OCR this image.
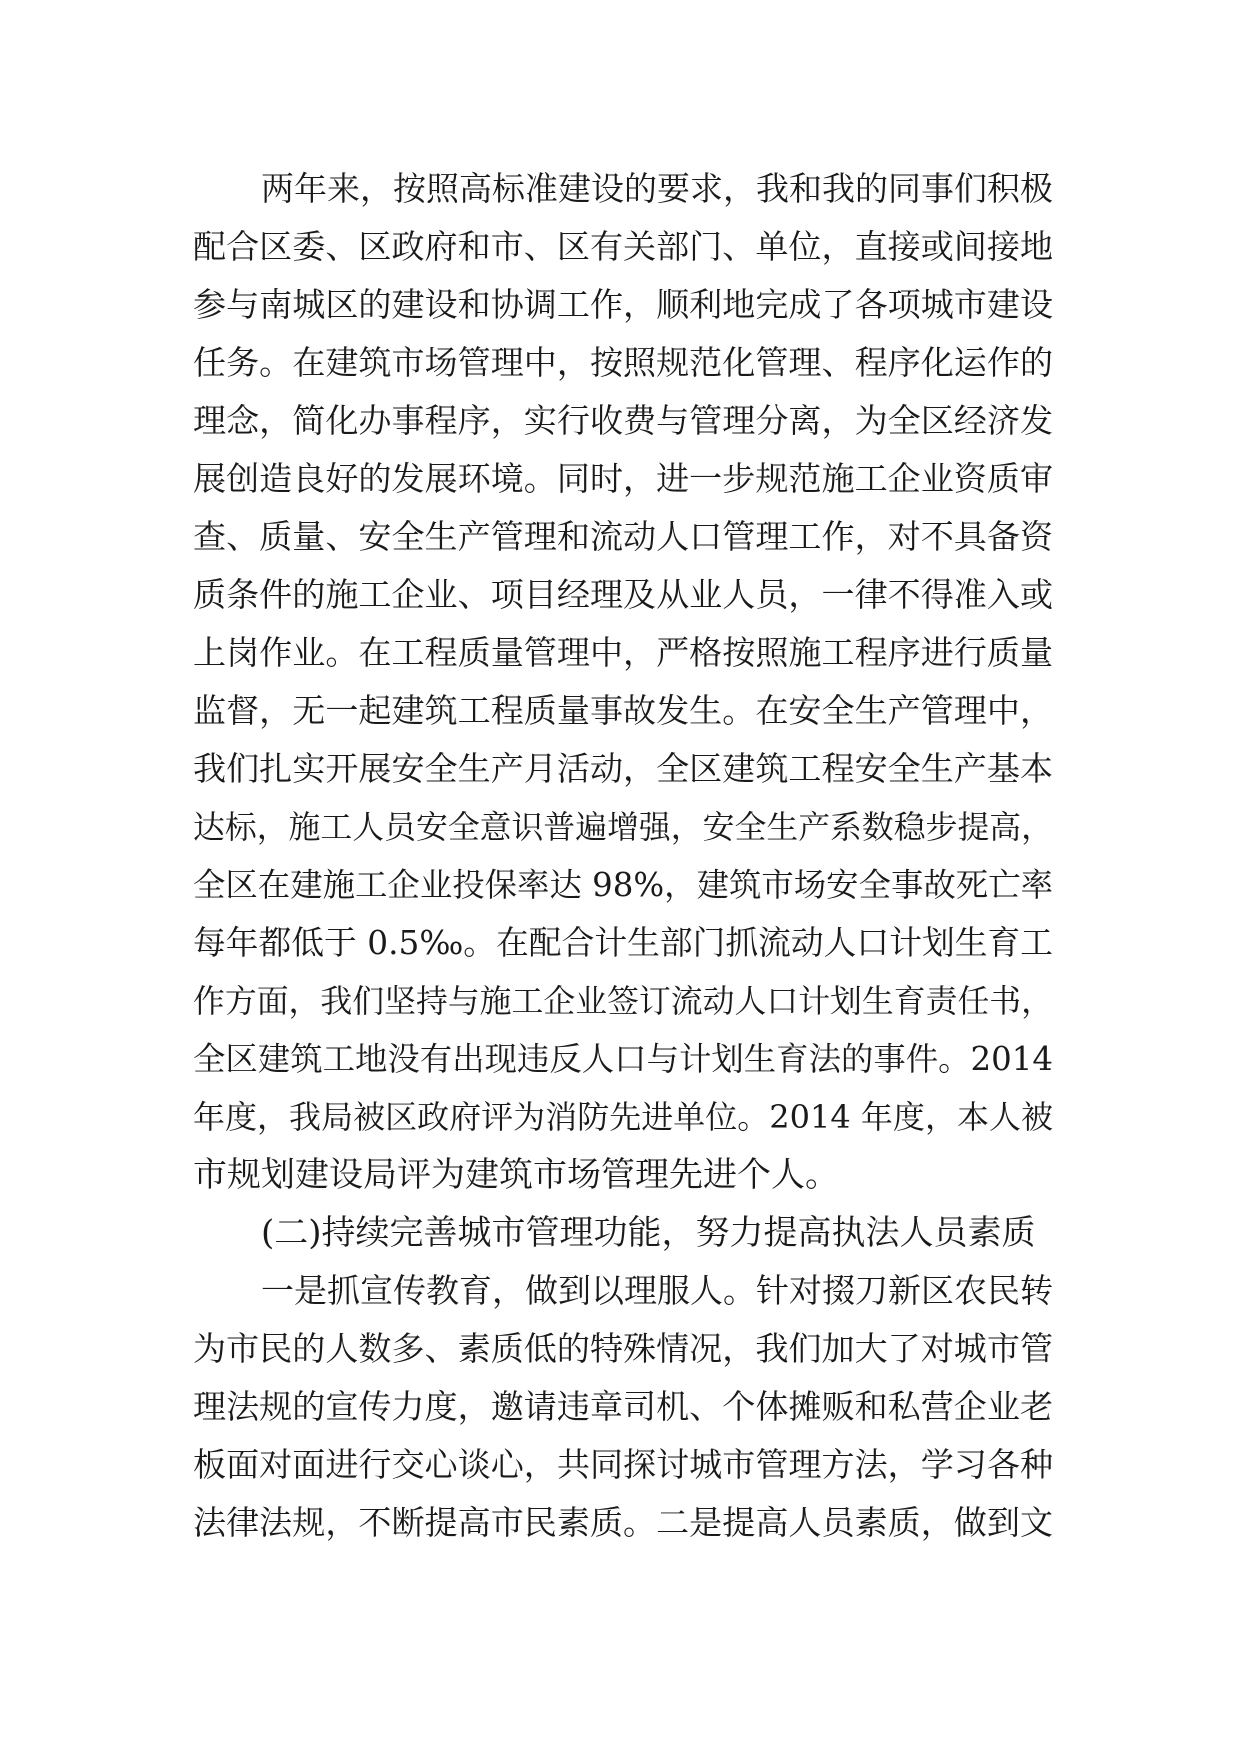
两年来，按照高标准建设的要求，我和我的同事们积极
配合区委、区政府和市、区有关部门、单位，直接或间接地
参与南城区的建设和协调工作，顺利地完成了各项城市建设
任务。在建筑市场管理中，按照规范化管理、程序化运作的
理念，简化办事程序，实行收费与管理分离，为全区经济发
展创造良好的发展环境。同时，进一步规范施工企业资质审
查、质量、安全生产管理和流动人口管理工作，对不具备资
质条件的施工企业、项目经理及从业人员，一律不得准入或
上岗作业。在工程质量管理中，严格按照施工程序进行质量
监督，无一起建筑工程质量事故发生。在安全生产管理中，
我们扎实开展安全生产月活动，全区建筑工程安全生产基本
达标，施工人员安全意识普遍增强，安全生产系数稳步提高，
全区在建施工企业投保率达 98%，建筑市场安全事故死亡率
每年都低于 0.5‰。在配合计生部门抓流动人口计划生育工
作方面，我们坚持与施工企业签订流动人口计划生育责任书，
全区建筑工地没有出现违反人口与计划生育法的事件。2014
年度，我局被区政府评为消防先进单位。2014 年度，本人被
市规划建设局评为建筑市场管理先进个人。
(二)持续完善城市管理功能，努力提高执法人员素质
一是抓宣传教育，做到以理服人。针对掇刀新区农民转
为市民的人数多、素质低的特殊情况，我们加大了对城市管
理法规的宣传力度，邀请违章司机、个体摊贩和私营企业老
板面对面进行交心谈心，共同探讨城市管理方法，学习各种
法律法规，不断提高市民素质。二是提高人员素质，做到文
